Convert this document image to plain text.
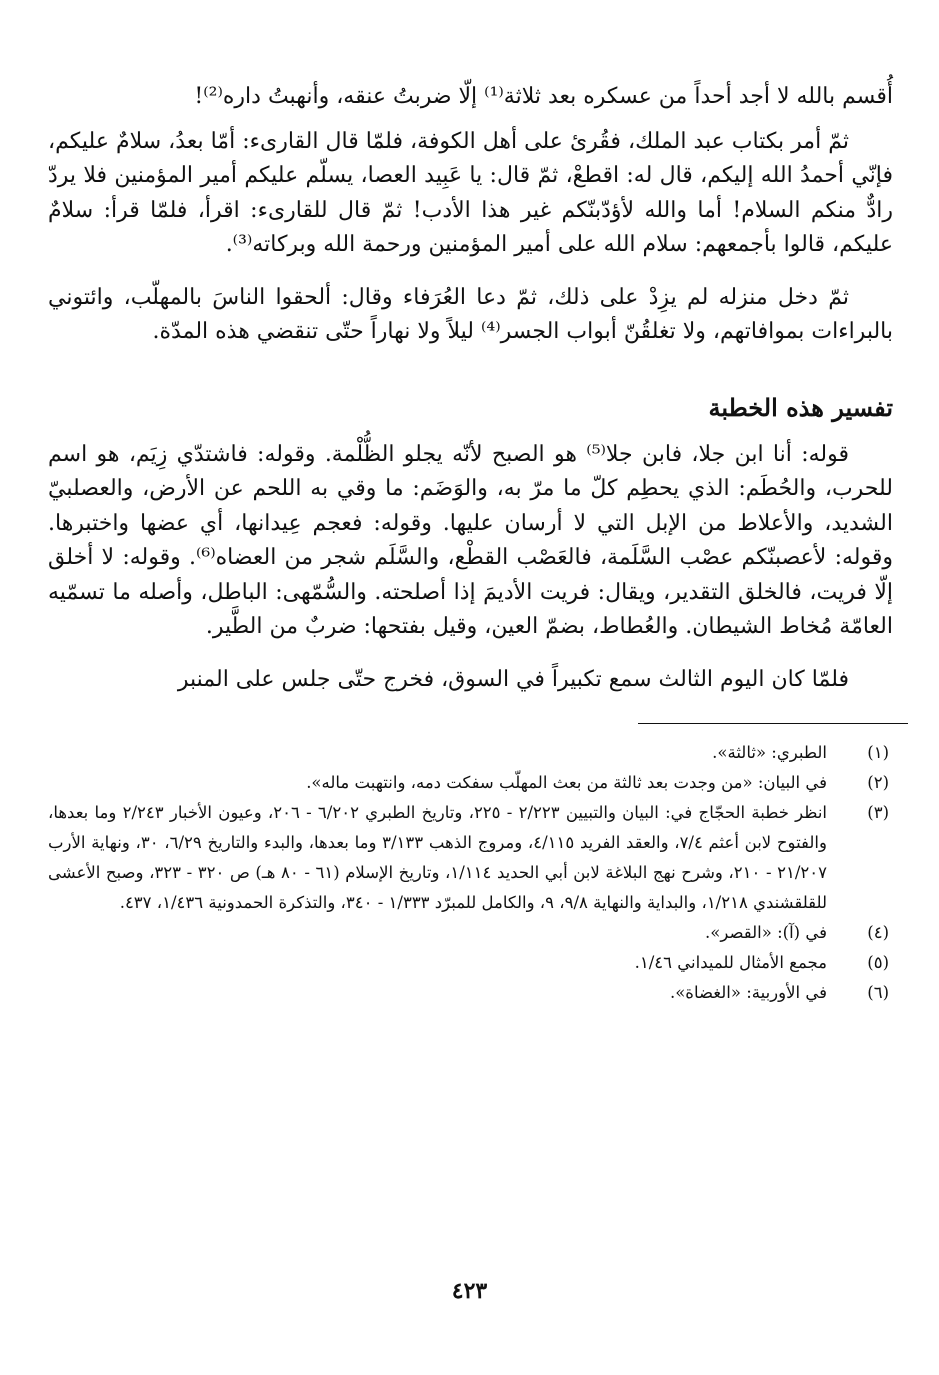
أُقسم بالله لا أجد أحداً من عسكره بعد ثلاثة⁽¹⁾ إلّا ضربتُ عنقه، وأنهبتُ داره⁽²⁾!

ثمّ أمر بكتاب عبد الملك، فقُرئ على أهل الكوفة، فلمّا قال القارىء: أمّا بعدُ، سلامٌ عليكم، فإنّي أحمدُ الله إليكم، قال له: اقطعْ، ثمّ قال: يا عَبِيد العصا، يسلّم عليكم أمير المؤمنين فلا يردّ رادٌّ منكم السلام! أما والله لأؤدّبنّكم غير هذا الأدب! ثمّ قال للقارىء: اقرأ، فلمّا قرأ: سلامٌ عليكم، قالوا بأجمعهم: سلام الله على أمير المؤمنين ورحمة الله وبركاته⁽³⁾.

ثمّ دخل منزله لم يزِدْ على ذلك، ثمّ دعا العُرَفاء وقال: ألحقوا الناسَ بالمهلّب، وائتوني بالبراءات بموافاتهم، ولا تغلقُنّ أبواب الجسر⁽⁴⁾ ليلاً ولا نهاراً حتّى تنقضي هذه المدّة.

تفسير هذه الخطبة

قوله: أنا ابن جلا، فابن جلا⁽⁵⁾ هو الصبح لأنّه يجلو الظُّلْمة. وقوله: فاشتدّي زِيَم، هو اسم للحرب، والحُطَم: الذي يحطِم كلّ ما مرّ به، والوَضَم: ما وقي به اللحم عن الأرض، والعصلبيّ الشديد، والأعلاط من الإبل التي لا أرسان عليها. وقوله: فعجم عِيدانها، أي عضها واختبرها. وقوله: لأعصبنّكم عصْب السَّلَمة، فالعَصْب القطْع، والسَّلَم شجر من العضاه⁽⁶⁾. وقوله: لا أخلق إلّا فريت، فالخلق التقدير، ويقال: فريت الأديمَ إذا أصلحته. والسُّمّهى: الباطل، وأصله ما تسمّيه العامّة مُخاط الشيطان. والعُطاط، بضمّ العين، وقيل بفتحها: ضربٌ من الطَّير.

فلمّا كان اليوم الثالث سمع تكبيراً في السوق، فخرج حتّى جلس على المنبر

(١)
الطبري: «ثالثة».
(٢)
في البيان: «من وجدت بعد ثالثة من بعث المهلّب سفكت دمه، وانتهبت ماله».
(٣)
انظر خطبة الحجّاج في: البيان والتبيين ٢/٢٢٣ - ٢٢٥، وتاريخ الطبري ٦/٢٠٢ - ٢٠٦، وعيون الأخبار ٢/٢٤٣ وما بعدها، والفتوح لابن أعثم ٧/٤، والعقد الفريد ٤/١١٥، ومروج الذهب ٣/١٣٣ وما بعدها، والبدء والتاريخ ٦/٢٩، ٣٠، ونهاية الأرب ٢١/٢٠٧ - ٢١٠، وشرح نهج البلاغة لابن أبي الحديد ١/١١٤، وتاريخ الإسلام (٦١ - ٨٠ هـ) ص ٣٢٠ - ٣٢٣، وصبح الأعشى للقلقشندي ١/٢١٨، والبداية والنهاية ٩/٨، ٩، والكامل للمبرّد ١/٣٣٣ - ٣٤٠، والتذكرة الحمدونية ١/٤٣٦، ٤٣٧.
(٤)
في (آ): «القصر».
(٥)
مجمع الأمثال للميداني ١/٤٦.
(٦)
في الأوربية: «الغضاة».
٤٢٣
